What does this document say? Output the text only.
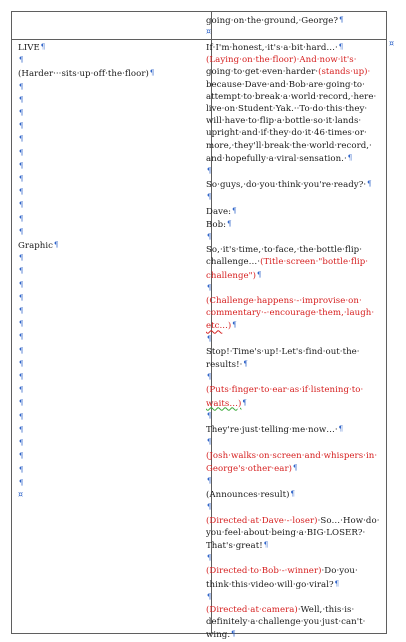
going·on·the·ground,·George?¶
¤
LIVE¶
¶
(Harder···sits·up·off·the·floor)¶
¶
¶
¶
¶
¶
¶
¶
¶
¶
¶
¶
¶
Graphic¶
¶
¶
¶
¶
¶
¶
¶
¶
¶
¶
¶
¶
¶
¶
¶
¶
¶
¶
¤
If·I'm·honest,·it's·a·bit·hard…·¶
(Laying·on·the·floor)·And·now·it's·
going·to·get·even·harder·(stands·up)·
because·Dave·and·Bob·are·going·to·
attempt·to·break·a·world·record,·here·
live·on·Student·Yak.··To·do·this·they·
will·have·to·flip·a·bottle·so·it·lands·
upright·and·if·they·do·it·46·times·or·
more,·they'll·break·the·world·record,·
and·hopefully·a·viral·sensation.·¶
¶
So·guys,·do·you·think·you're·ready?·¶
¶
Dave:¶
Bob:¶
¶
So,·it's·time,·to·face,·the·bottle·flip·
challenge…·(Title·screen·"bottle·flip·
challenge")¶
¶
(Challenge·happens·-·improvise·on·
commentary·-·encourage·them,·laugh·
etc...)¶
¶
Stop!·Time's·up!·Let's·find·out·the·
results!·¶
¶
(Puts·finger·to·ear·as·if·listening·to·
waits…)¶
¶
They're·just·telling·me·now…·¶
¶
(Josh·walks·on·screen·and·whispers·in·
George's·other·ear)¶
¶
(Announces·result)¶
¶
(Directed·at·Dave·-·loser)·So…·How·do·
you·feel·about·being·a·BIG·LOSER?·
That's·great!¶
¶
(Directed·to·Bob·-·winner)·Do·you·
think·this·video·will·go·viral?¶
¶
(Directed·at·camera)·Well,·this·is·
definitely·a·challenge·you·just·can't·
wing.¶
¤
